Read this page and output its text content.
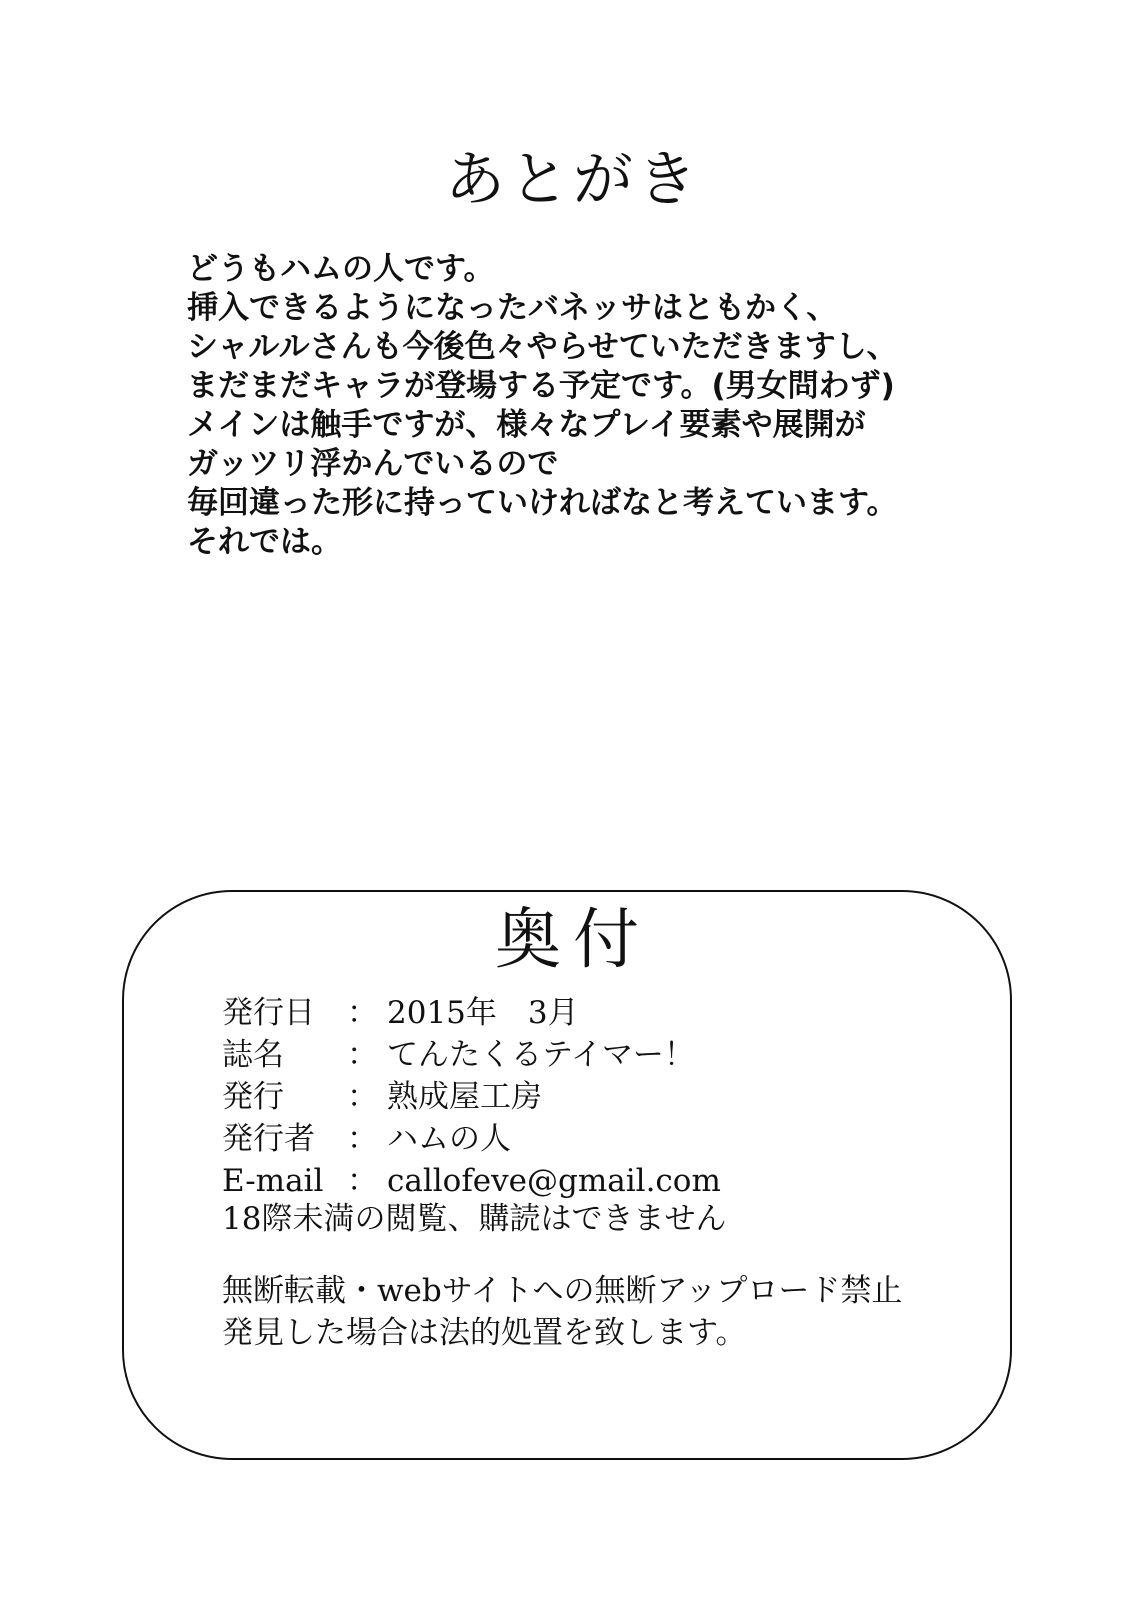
あとがき
どうもハムの人です。
挿入できるようになったバネッサはともかく、
シャルルさんも今後色々やらせていただきますし、
まだまだキャラが登場する予定です。(男女問わず)
メインは触手ですが、様々なプレイ要素や展開が
ガッツリ浮かんでいるので
毎回違った形に持っていければなと考えています。
それでは。
奥付
発行日	： 2015年　3月
誌名	： てんたくるテイマー！
発行	： 熟成屋工房
発行者	： ハムの人
E-mail ： callofeve@gmail.com
18際未満の閲覧、購読はできません
無断転載・webサイトへの無断アップロード禁止
発見した場合は法的処置を致します。
